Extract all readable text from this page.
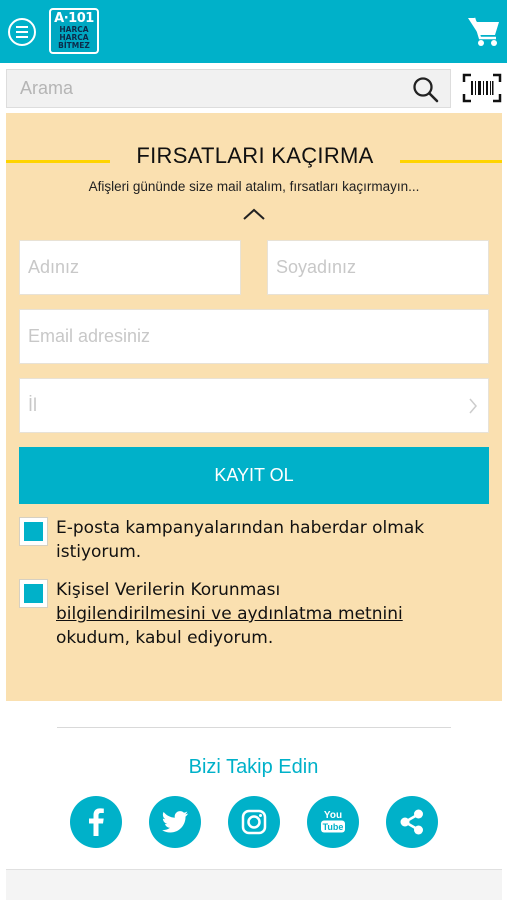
A·101
HARCA
HARCA
BİTMEZ
Arama
FIRSATLARI KAÇIRMA
Afişleri gününde size mail atalım, fırsatları kaçırmayın...
Adınız
Soyadınız
Email adresiniz
İl
KAYIT OL
E-posta kampanyalarından haberdar olmak
istiyorum.
Kişisel Verilerin Korunması
bilgilendirilmesini ve aydınlatma metnini
okudum, kabul ediyorum.
Bizi Takip Edin
You
Tube
